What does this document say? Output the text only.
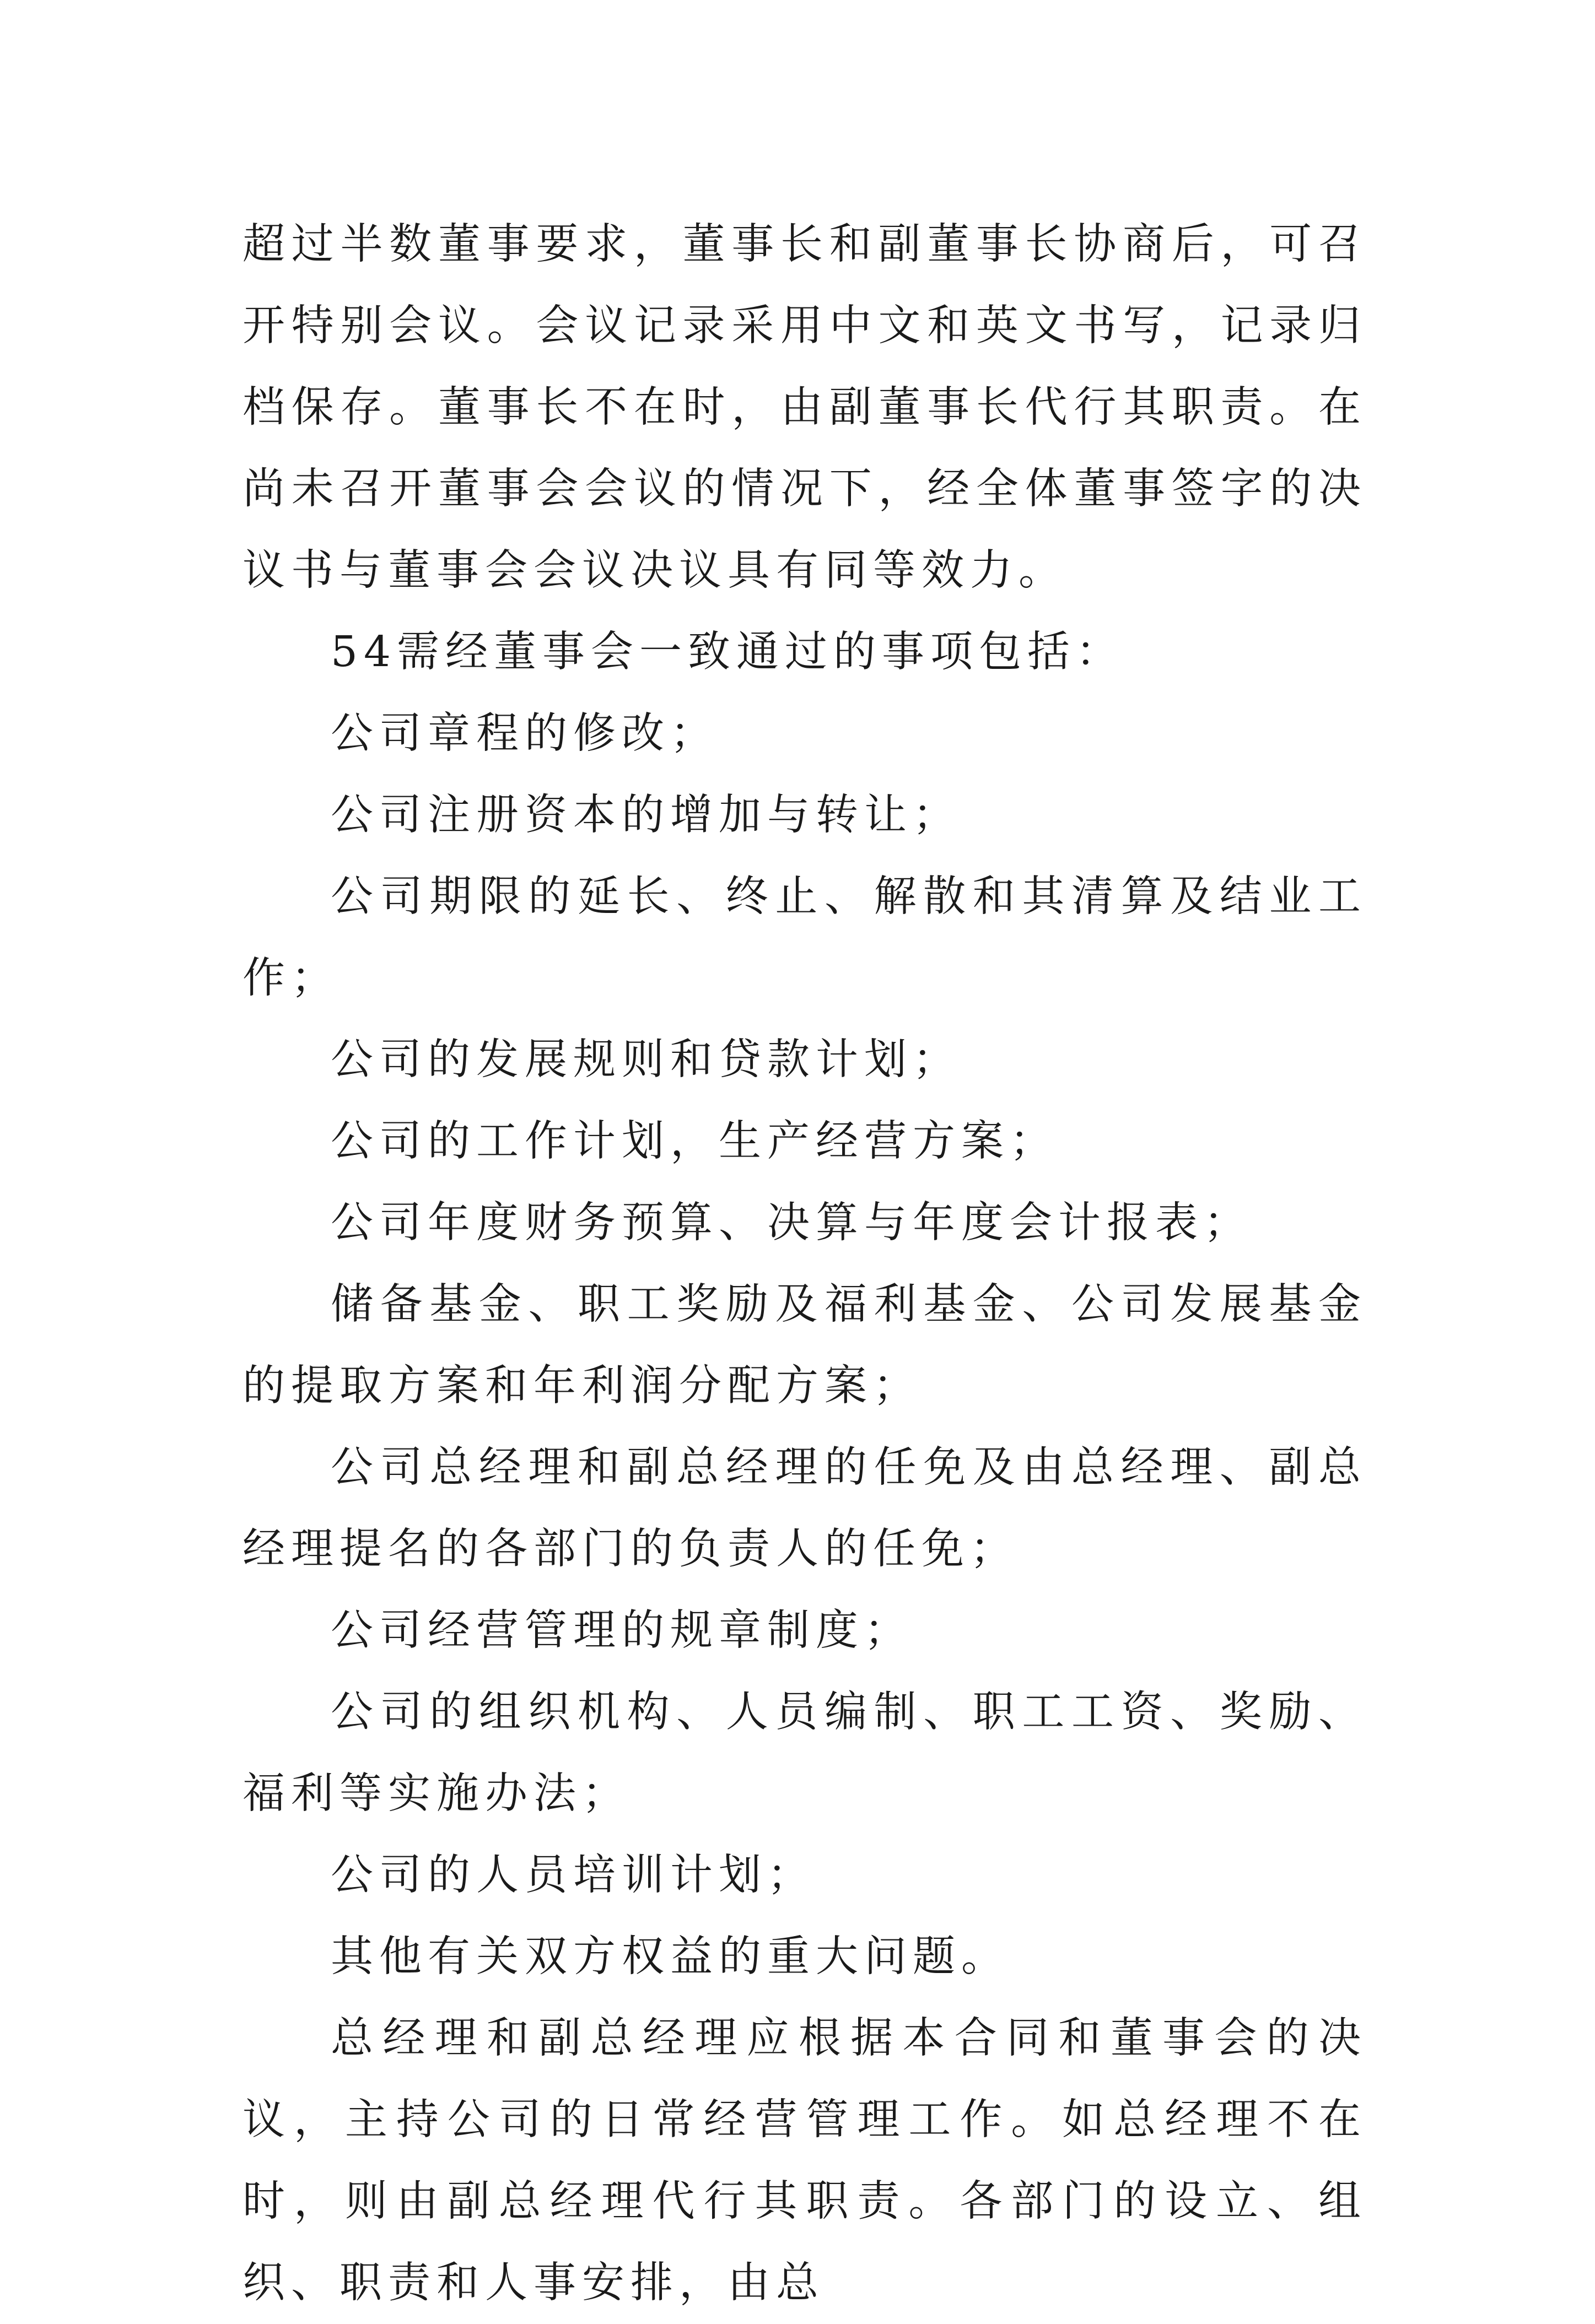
超过半数董事要求，董事长和副董事长协商后，可召开特别会议。会议记录采用中文和英文书写，记录归档保存。董事长不在时，由副董事长代行其职责。在尚未召开董事会会议的情况下，经全体董事签字的决议书与董事会会议决议具有同等效力。

54需经董事会一致通过的事项包括：

公司章程的修改；

公司注册资本的增加与转让；

公司期限的延长、终止、解散和其清算及结业工作；

公司的发展规则和贷款计划；

公司的工作计划，生产经营方案；

公司年度财务预算、决算与年度会计报表；

储备基金、职工奖励及福利基金、公司发展基金的提取方案和年利润分配方案；

公司总经理和副总经理的任免及由总经理、副总经理提名的各部门的负责人的任免；

公司经营管理的规章制度；

公司的组织机构、人员编制、职工工资、奖励、福利等实施办法；

公司的人员培训计划；

其他有关双方权益的重大问题。

总经理和副总经理应根据本合同和董事会的决议，主持公司的日常经营管理工作。如总经理不在时，则由副总经理代行其职责。各部门的设立、组织、职责和人事安排，由总
